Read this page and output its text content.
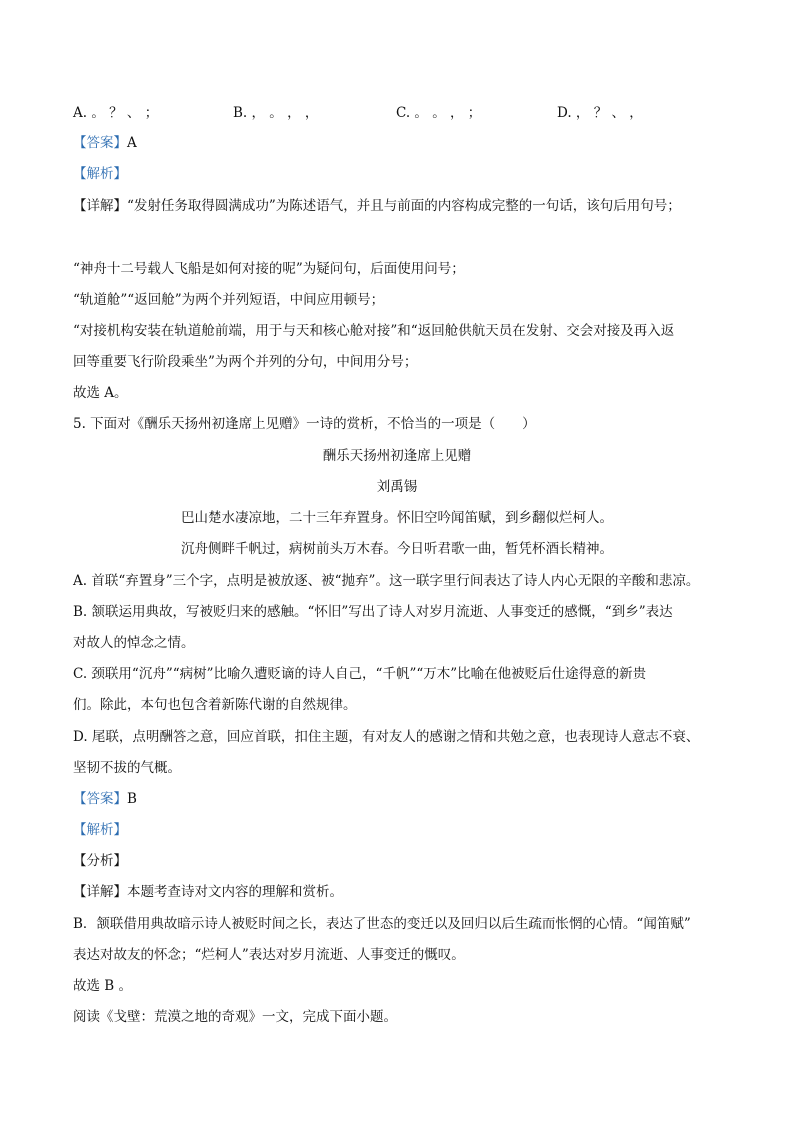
A. 。 ？ 、 ；	B. ， 。 ， ，	C. 。 。 ， ；	D. ， ？ 、 ，
【答案】A
【解析】
【详解】“发射任务取得圆满成功”为陈述语气，并且与前面的内容构成完整的一句话，该句后用句号；
“神舟十二号载人飞船是如何对接的呢”为疑问句，后面使用问号；
“轨道舱”“返回舱”为两个并列短语，中间应用顿号；
“对接机构安装在轨道舱前端，用于与天和核心舱对接”和“返回舱供航天员在发射、交会对接及再入返
回等重要飞行阶段乘坐”为两个并列的分句，中间用分号；
故选 A。
5. 下面对《酬乐天扬州初逢席上见赠》一诗的赏析，不恰当的一项是（　　）
酬乐天扬州初逢席上见赠
刘禹锡
巴山楚水凄凉地，二十三年弃置身。怀旧空吟闻笛赋，到乡翻似烂柯人。
沉舟侧畔千帆过，病树前头万木春。今日听君歌一曲，暂凭杯酒长精神。
A. 首联“弃置身”三个字，点明是被放逐、被“抛弃”。这一联字里行间表达了诗人内心无限的辛酸和悲凉。
B. 颔联运用典故，写被贬归来的感触。“怀旧”写出了诗人对岁月流逝、人事变迁的感慨，“到乡”表达
对故人的悼念之情。
C. 颈联用“沉舟”“病树”比喻久遭贬谪的诗人自己，“千帆”“万木”比喻在他被贬后仕途得意的新贵
们。除此，本句也包含着新陈代谢的自然规律。
D. 尾联，点明酬答之意，回应首联，扣住主题，有对友人的感谢之情和共勉之意，也表现诗人意志不衰、
坚韧不拔的气概。
【答案】B
【解析】
【分析】
【详解】本题考查诗对文内容的理解和赏析。
B．颔联借用典故暗示诗人被贬时间之长，表达了世态的变迁以及回归以后生疏而怅惘的心情。“闻笛赋”
表达对故友的怀念；“烂柯人”表达对岁月流逝、人事变迁的慨叹。
故选 B 。
阅读《戈壁：荒漠之地的奇观》一文，完成下面小题。
